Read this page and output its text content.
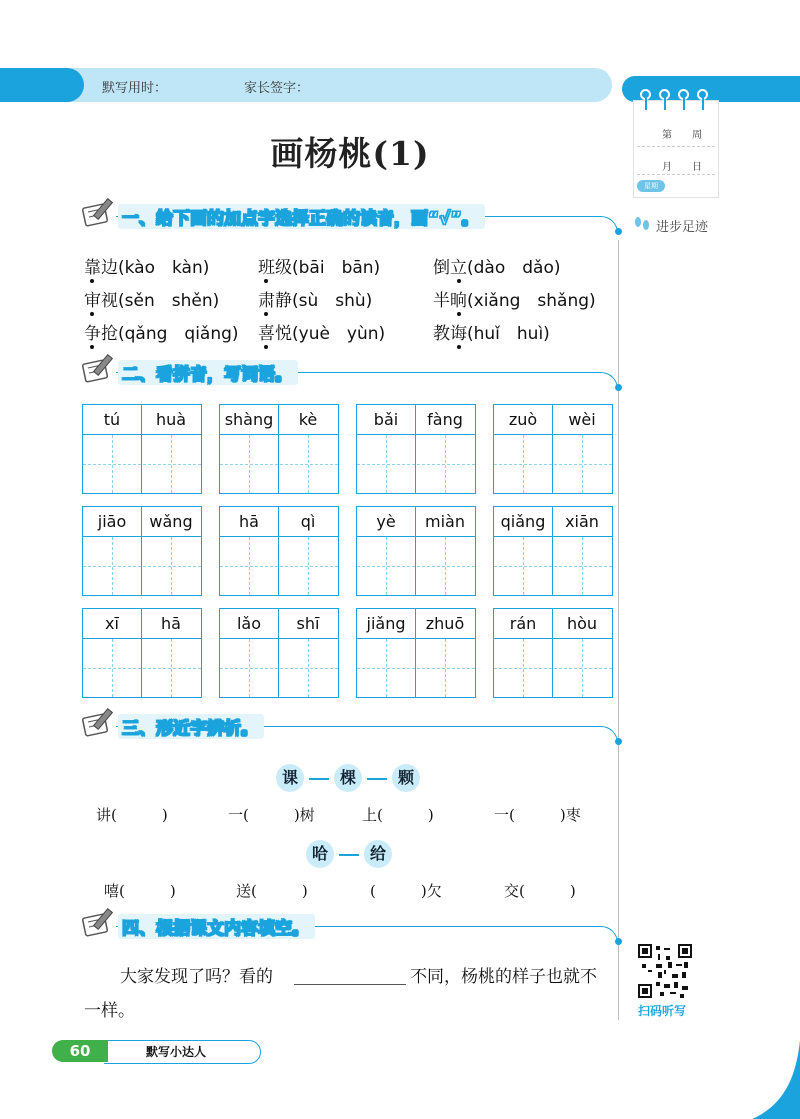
默写用时：	家长签字：
第　　周
月　　日
星期
进步足迹
画杨桃(1)
一、给下面的加点字选择正确的读音，画“√”。
靠边(kào　kàn)	班级(bāi　bān)	倒立(dào　dǎo)
审视(sěn　shěn) 肃静(sù　shù)	半晌(xiǎng　shǎng)
争抢(qǎng　qiǎng) 喜悦(yuè　yùn)	教诲(huǐ　huì)
二、看拼音，写词语。
tú	huà	shàng	kè	bǎi	fàng	zuò	wèi
jiāo	wǎng	hā	qì	yè	miàn	qiǎng	xiān
xī	hā	lǎo	shī	jiǎng	zhuō	rán	hòu
三、形近字辨析。
课	棵	颗
讲(　　　)	一(　　　)树	上(　　　)	一(　　　)枣
哈	给
嘻(　　　)	送(　　　)	(　　　)欠	交(　　　)
四、根据课文内容填空。
大家发现了吗？看的	不同，杨桃的样子也就不
一样。	扫码听写
60	默写小达人
